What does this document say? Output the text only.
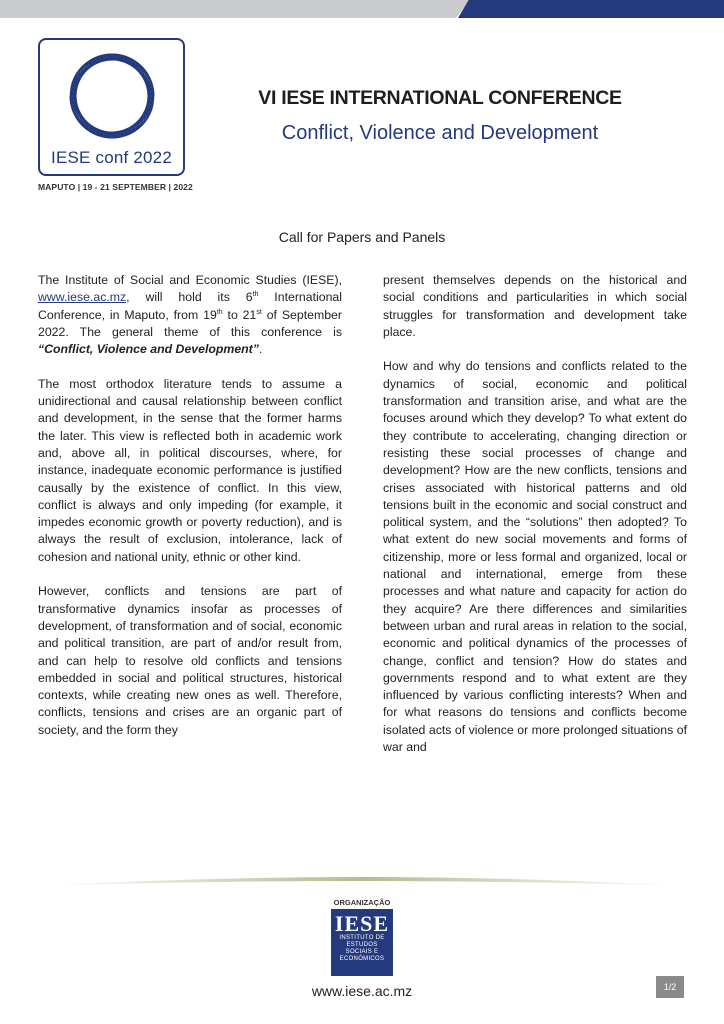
IESE conf 2022
MAPUTO | 19 - 21 SEPTEMBER | 2022
VI IESE INTERNATIONAL CONFERENCE
Conflict, Violence and Development
Call for Papers and Panels

The Institute of Social and Economic Studies (IESE), www.iese.ac.mz, will hold its 6th International Conference, in Maputo, from 19th to 21st of September 2022. The general theme of this conference is “Conflict, Violence and Development”.

The most orthodox literature tends to assume a unidirectional and causal relationship between conflict and development, in the sense that the former harms the later. This view is reflected both in academic work and, above all, in political discourses, where, for instance, inadequate economic performance is justified causally by the existence of conflict. In this view, conflict is always and only impeding (for example, it impedes economic growth or poverty reduction), and is always the result of exclusion, intolerance, lack of cohesion and national unity, ethnic or other kind.

However, conflicts and tensions are part of transformative dynamics insofar as processes of development, of transformation and of social, economic and political transition, are part of and/or result from, and can help to resolve old conflicts and tensions embedded in social and political structures, historical contexts, while creating new ones as well. Therefore, conflicts, tensions and crises are an organic part of society, and the form they

present themselves depends on the historical and social conditions and particularities in which social struggles for transformation and development take place.

How and why do tensions and conflicts related to the dynamics of social, economic and political transformation and transition arise, and what are the focuses around which they develop? To what extent do they contribute to accelerating, changing direction or resisting these social processes of change and development? How are the new conflicts, tensions and crises associated with historical patterns and old tensions built in the economic and social construct and political system, and the “solutions” then adopted? To what extent do new social movements and forms of citizenship, more or less formal and organized, local or national and international, emerge from these processes and what nature and capacity for action do they acquire? Are there differences and similarities between urban and rural areas in relation to the social, economic and political dynamics of the processes of change, conflict and tension? How do states and governments respond and to what extent are they influenced by various conflicting interests? When and for what reasons do tensions and conflicts become isolated acts of violence or more prolonged situations of war and

ORGANIZAÇÃO
IESE
INSTITUTO DE
ESTUDOS
SOCIAIS E
ECONÓMICOS
www.iese.ac.mz	1/2
